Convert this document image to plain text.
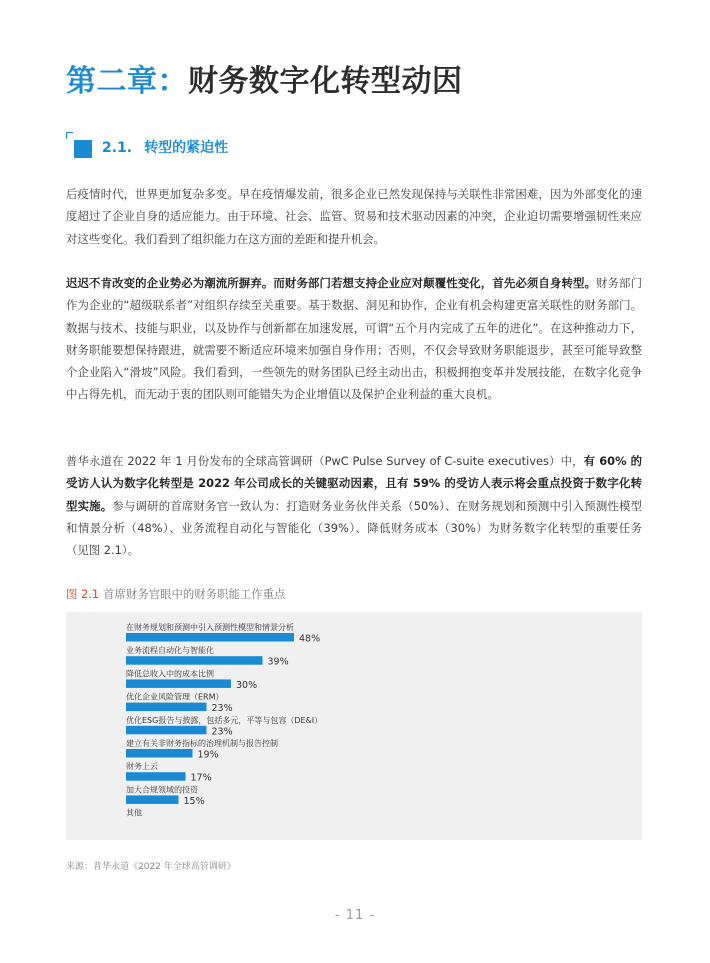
第二章：财务数字化转型动因
2.1. 转型的紧迫性

后疫情时代，世界更加复杂多变。早在疫情爆发前，很多企业已然发现保持与关联性非常困难，因为外部变化的速度超过了企业自身的适应能力。由于环境、社会、监管、贸易和技术驱动因素的冲突，企业迫切需要增强韧性来应对这些变化。我们看到了组织能力在这方面的差距和提升机会。

迟迟不肯改变的企业势必为潮流所摒弃。而财务部门若想支持企业应对颠覆性变化，首先必须自身转型。财务部门作为企业的“超级联系者”对组织存续至关重要。基于数据、洞见和协作，企业有机会构建更富关联性的财务部门。数据与技术、技能与职业，以及协作与创新都在加速发展，可谓“五个月内完成了五年的进化”。在这种推动力下，财务职能要想保持跟进，就需要不断适应环境来加强自身作用；否则，不仅会导致财务职能退步，甚至可能导致整个企业陷入“滑坡”风险。我们看到，一些领先的财务团队已经主动出击，积极拥抱变革并发展技能，在数字化竞争中占得先机，而无动于衷的团队则可能错失为企业增值以及保护企业利益的重大良机。

普华永道在 2022 年 1 月份发布的全球高管调研（PwC Pulse Survey of C-suite executives）中，有 60% 的受访人认为数字化转型是 2022 年公司成长的关键驱动因素，且有 59% 的受访人表示将会重点投资于数字化转型实施。参与调研的首席财务官一致认为：打造财务业务伙伴关系（50%）、在财务规划和预测中引入预测性模型和情景分析（48%）、业务流程自动化与智能化（39%）、降低财务成本（30%）为财务数字化转型的重要任务（见图 2.1）。

图 2.1 首席财务官眼中的财务职能工作重点
在财务规划和预测中引入预测性模型和情景分析
48%
业务流程自动化与智能化
39%
降低总收入中的成本比例
30%
优化企业风险管理（ERM）
23%
优化ESG报告与披露，包括多元，平等与包容（DE&I）
23%
建立有关非财务指标的治理机制与报告控制
19%
财务上云
17%
加大合规领域的投资
15%
其他
来源：普华永道《2022 年全球高管调研》
- 11 -
